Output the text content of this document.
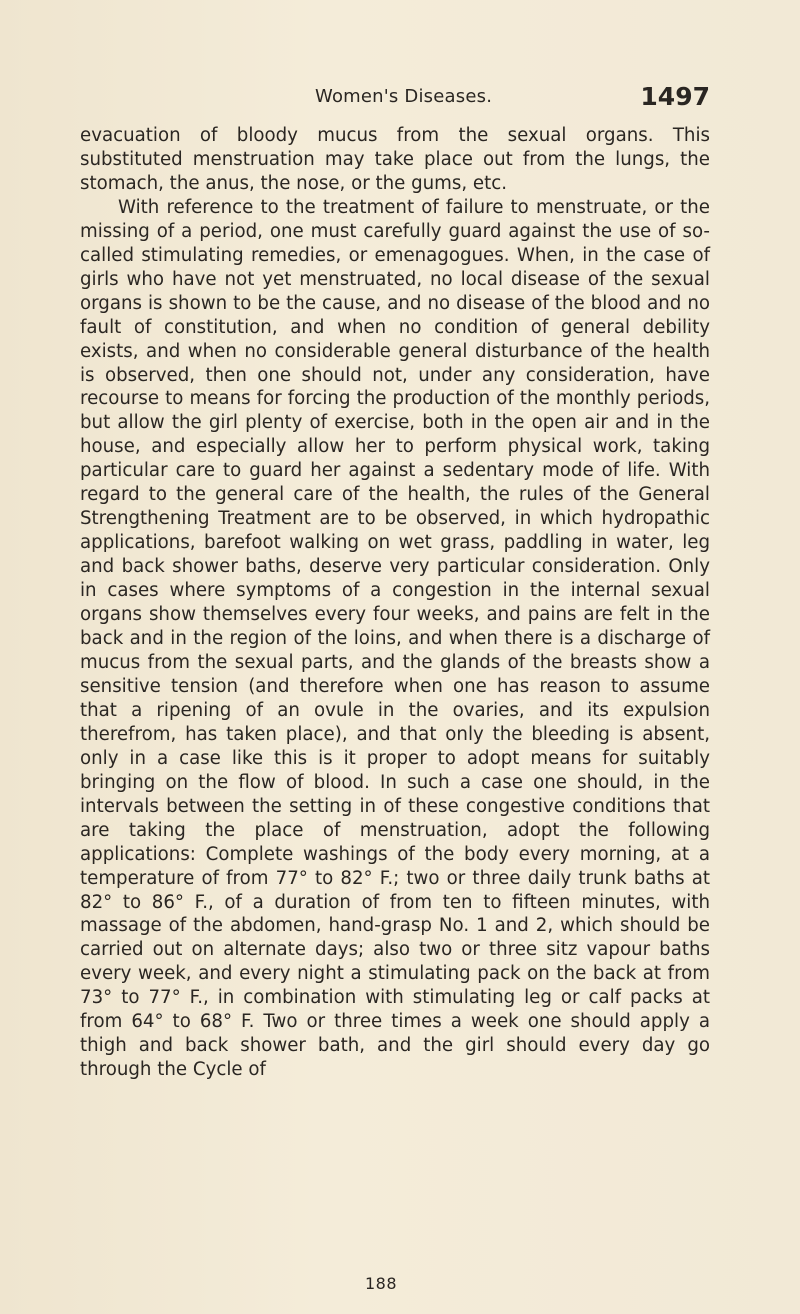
Women's Diseases.	1497

evacuation of bloody mucus from the sexual organs. This substituted menstruation may take place out from the lungs, the stomach, the anus, the nose, or the gums, etc.

With reference to the treatment of failure to menstruate, or the missing of a period, one must carefully guard against the use of so-called stimulating remedies, or emenagogues. When, in the case of girls who have not yet menstruated, no local disease of the sexual organs is shown to be the cause, and no disease of the blood and no fault of constitution, and when no condition of general debility exists, and when no considerable general disturbance of the health is observed, then one should not, under any consideration, have recourse to means for forcing the production of the monthly periods, but allow the girl plenty of exercise, both in the open air and in the house, and especially allow her to perform physical work, taking particular care to guard her against a sedentary mode of life. With regard to the general care of the health, the rules of the General Strengthening Treatment are to be observed, in which hydropathic applications, barefoot walking on wet grass, paddling in water, leg and back shower baths, deserve very particular consideration. Only in cases where symptoms of a congestion in the internal sexual organs show themselves every four weeks, and pains are felt in the back and in the region of the loins, and when there is a discharge of mucus from the sexual parts, and the glands of the breasts show a sensitive tension (and therefore when one has reason to assume that a ripening of an ovule in the ovaries, and its expulsion therefrom, has taken place), and that only the bleeding is absent, only in a case like this is it proper to adopt means for suitably bringing on the flow of blood. In such a case one should, in the intervals between the setting in of these congestive conditions that are taking the place of menstruation, adopt the following applications: Complete washings of the body every morning, at a temperature of from 77° to 82° F.; two or three daily trunk baths at 82° to 86° F., of a duration of from ten to fifteen minutes, with massage of the abdomen, hand-grasp No. 1 and 2, which should be carried out on alternate days; also two or three sitz vapour baths every week, and every night a stimulating pack on the back at from 73° to 77° F., in combination with stimulating leg or calf packs at from 64° to 68° F. Two or three times a week one should apply a thigh and back shower bath, and the girl should every day go through the Cycle of

188
